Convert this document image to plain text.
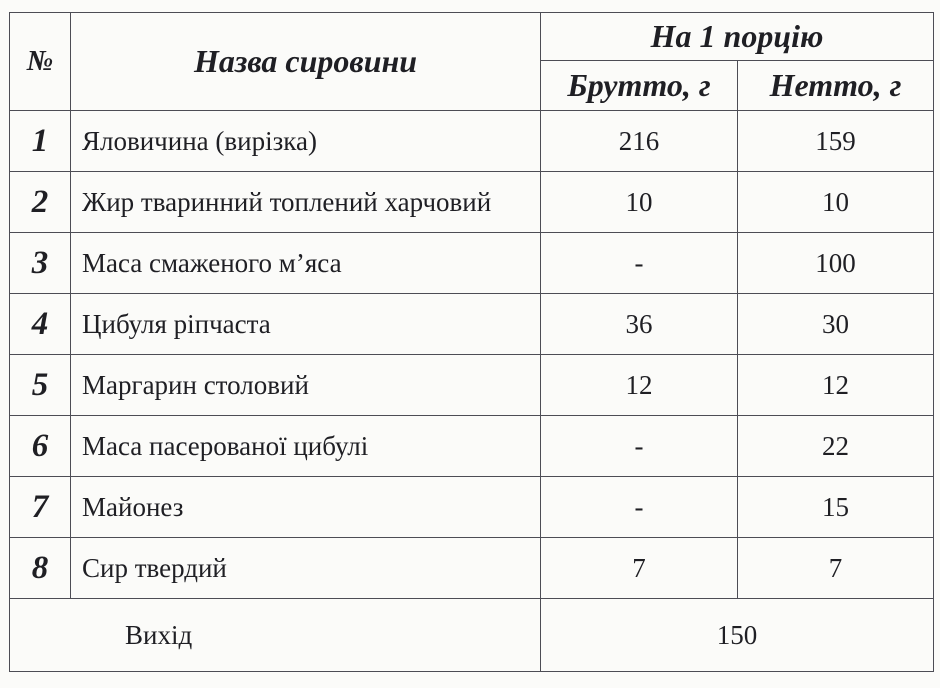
№	Назва сировини	На 1 порцію	
		Брутто, г	Нетто, г
1	Яловичина (вирізка)	216	159
2	Жир тваринний топлений харчовий	10	10
3	Маса смаженого м’яса	-	100
4	Цибуля ріпчаста	36	30
5	Маргарин столовий	12	12
6	Маса пасерованої цибулі	-	22
7	Майонез	-	15
8	Сир твердий	7	7
Вихід		150	
